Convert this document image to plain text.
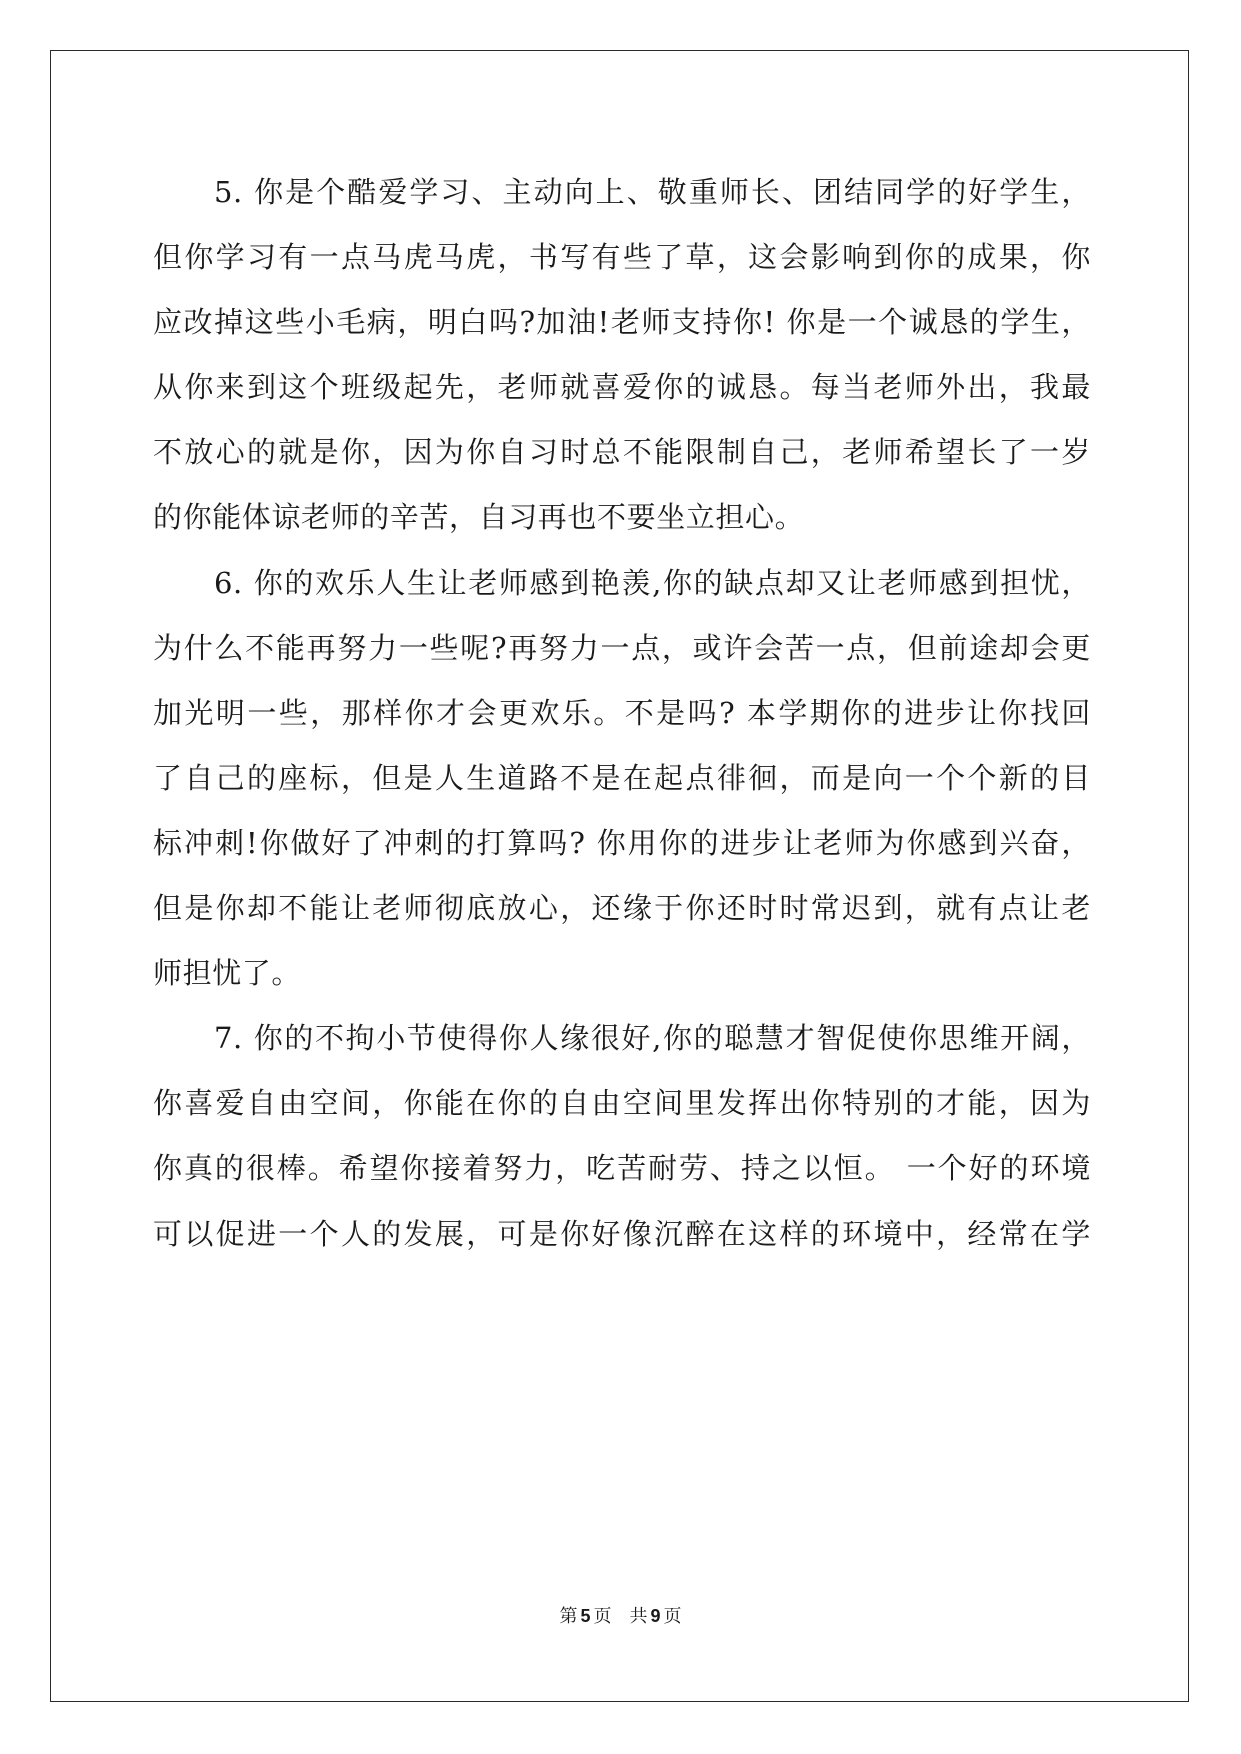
5. 你是个酷爱学习、主动向上、敬重师长、团结同学的好学生，
但你学习有一点马虎马虎，书写有些了草，这会影响到你的成果，你
应改掉这些小毛病，明白吗?加油!老师支持你! 你是一个诚恳的学生，
从你来到这个班级起先，老师就喜爱你的诚恳。每当老师外出，我最
不放心的就是你，因为你自习时总不能限制自己，老师希望长了一岁
的你能体谅老师的辛苦，自习再也不要坐立担心。
6. 你的欢乐人生让老师感到艳羡,你的缺点却又让老师感到担忧，
为什么不能再努力一些呢?再努力一点，或许会苦一点，但前途却会更
加光明一些，那样你才会更欢乐。不是吗? 本学期你的进步让你找回
了自己的座标，但是人生道路不是在起点徘徊，而是向一个个新的目
标冲刺!你做好了冲刺的打算吗? 你用你的进步让老师为你感到兴奋，
但是你却不能让老师彻底放心，还缘于你还时时常迟到，就有点让老
师担忧了。
7. 你的不拘小节使得你人缘很好,你的聪慧才智促使你思维开阔，
你喜爱自由空间，你能在你的自由空间里发挥出你特别的才能，因为
你真的很棒。希望你接着努力，吃苦耐劳、持之以恒。 一个好的环境
可以促进一个人的发展，可是你好像沉醉在这样的环境中，经常在学
第 5 页 共 9 页
